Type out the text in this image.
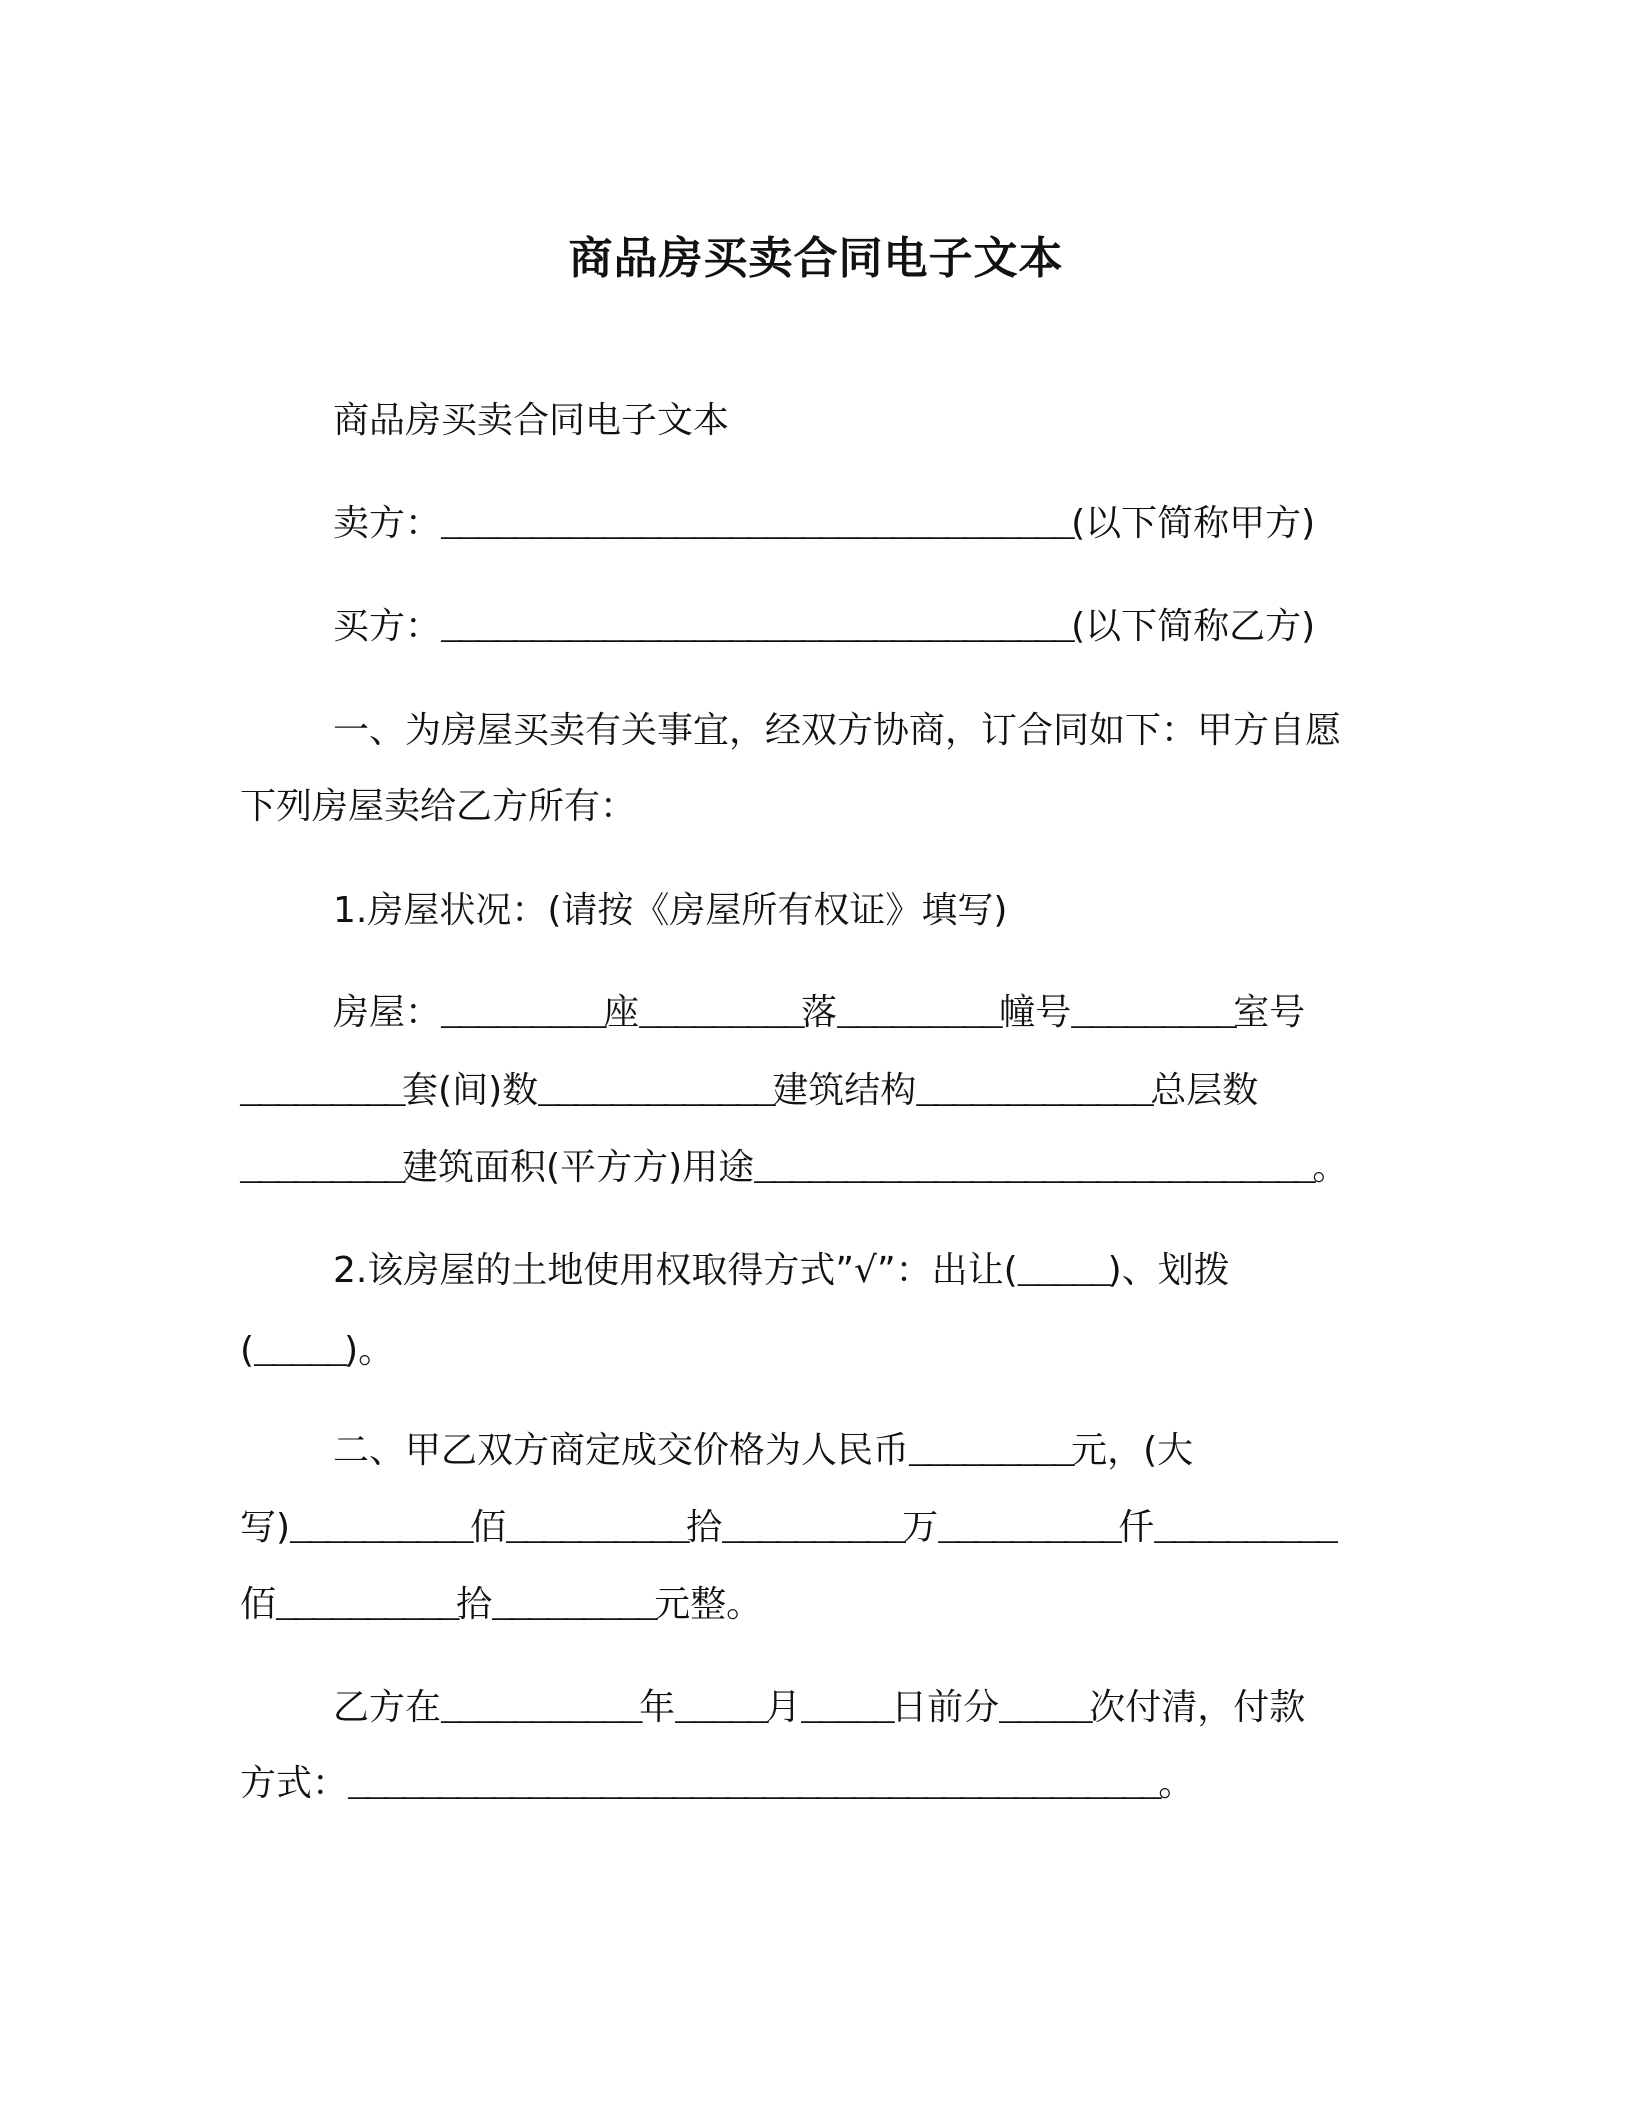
商品房买卖合同电子文本
商品房买卖合同电子文本
卖方：___________________________________(以下简称甲方)
买方：___________________________________(以下简称乙方)
一、为房屋买卖有关事宜，经双方协商，订合同如下：甲方自愿
下列房屋卖给乙方所有：
1.房屋状况：(请按《房屋所有权证》填写)
房屋：_________座_________落_________幢号_________室号
_________套(间)数_____________建筑结构_____________总层数
_________建筑面积(平方方)用途_______________________________。
2.该房屋的土地使用权取得方式”√”：出让(_____)、划拨
(_____)。
二、甲乙双方商定成交价格为人民币_________元，(大
写)__________佰__________拾__________万__________仟__________
佰__________拾_________元整。
乙方在___________年_____月_____日前分_____次付清，付款
方式：_____________________________________________。
